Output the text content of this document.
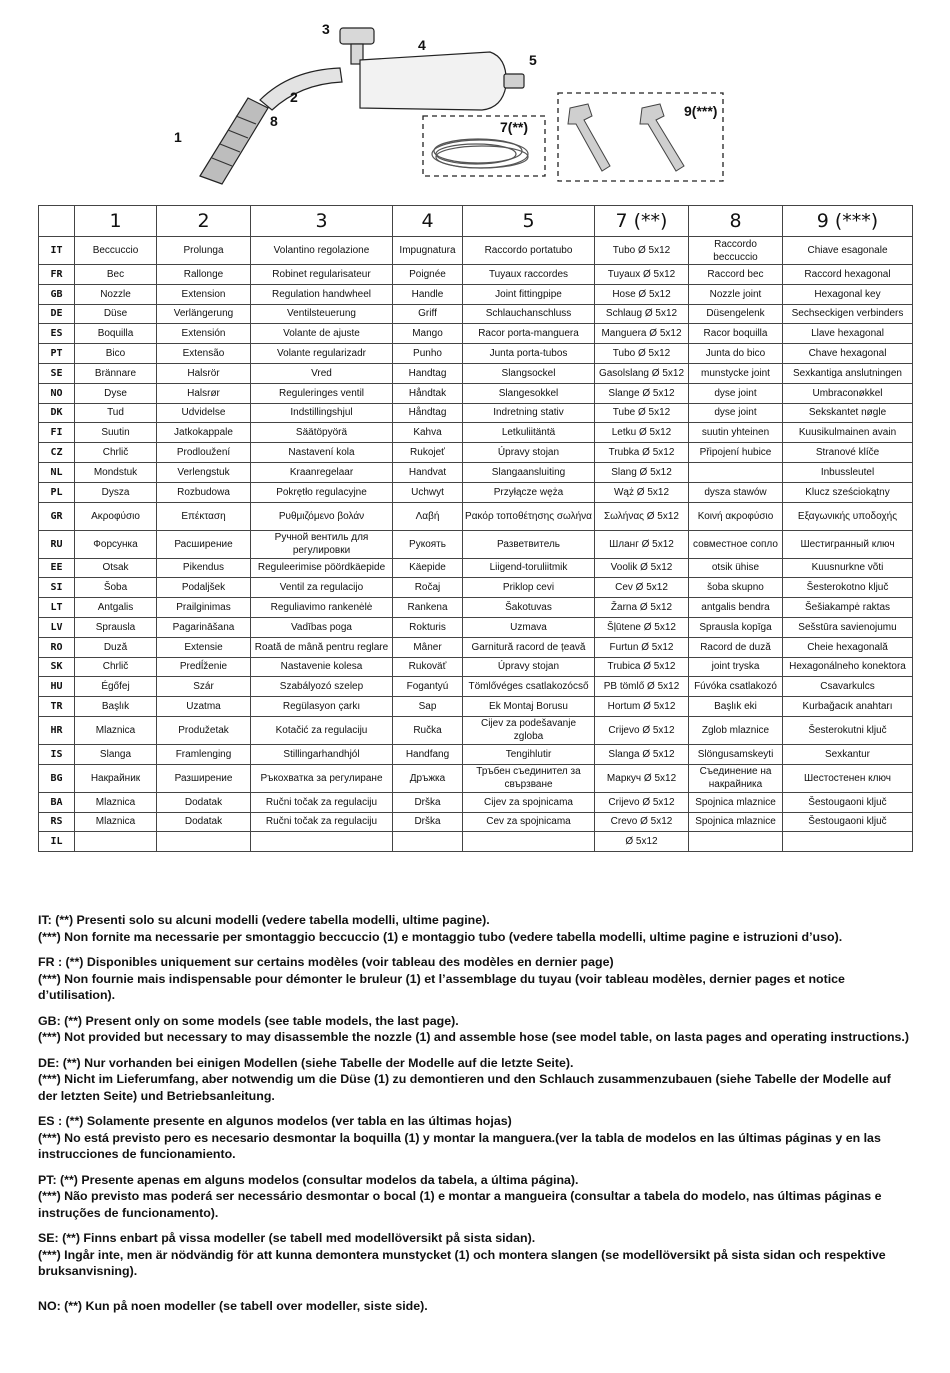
1
2
3
4
5
7(**)
8
9(***)
	1	2	3	4	5	7 (**)	8	9 (***)
IT	Beccuccio	Prolunga	Volantino regolazione	Impugnatura	Raccordo portatubo	Tubo Ø 5x12	Raccordo beccuccio	Chiave esagonale
FR	Bec	Rallonge	Robinet regularisateur	Poignée	Tuyaux raccordes	Tuyaux Ø 5x12	Raccord bec	Raccord hexagonal
GB	Nozzle	Extension	Regulation handwheel	Handle	Joint fittingpipe	Hose Ø 5x12	Nozzle joint	Hexagonal key
DE	Düse	Verlängerung	Ventilsteuerung	Griff	Schlauchanschluss	Schlaug Ø 5x12	Düsengelenk	Sechseckigen verbinders
ES	Boquilla	Extensión	Volante de ajuste	Mango	Racor porta-manguera	Manguera Ø 5x12	Racor boquilla	Llave hexagonal
PT	Bico	Extensão	Volante regularizadr	Punho	Junta porta-tubos	Tubo Ø 5x12	Junta do bico	Chave hexagonal
SE	Brännare	Halsrör	Vred	Handtag	Slangsockel	Gasolslang Ø 5x12	munstycke joint	Sexkantiga anslutningen
NO	Dyse	Halsrør	Reguleringes ventil	Håndtak	Slangesokkel	Slange Ø 5x12	dyse joint	Umbraconøkkel
DK	Tud	Udvidelse	Indstillingshjul	Håndtag	Indretning stativ	Tube Ø 5x12	dyse joint	Sekskantet nøgle
FI	Suutin	Jatkokappale	Säätöpyörä	Kahva	Letkuliitäntä	Letku Ø 5x12	suutin yhteinen	Kuusikulmainen avain
CZ	Chrlič	Prodloužení	Nastavení kola	Rukojeť	Úpravy stojan	Trubka Ø 5x12	Připojení hubice	Stranové klíče
NL	Mondstuk	Verlengstuk	Kraanregelaar	Handvat	Slangaansluiting	Slang Ø 5x12		Inbussleutel
PL	Dysza	Rozbudowa	Pokrętło regulacyjne	Uchwyt	Przyłącze węża	Wąż Ø 5x12	dysza stawów	Klucz sześciokątny
GR	Ακροφύσιο	Επέκταση	Ρυθμιζόμενο βολάν	Λαβή	Ρακόρ τοποθέτησης σωλήνα	Σωλήνας Ø 5x12	Κοινή ακροφύσιο	Εξαγωνικής υποδοχής
RU	Форсунка	Расширение	Ручной вентиль для регулировки	Рукоять	Разветвитель	Шланг Ø 5x12	совместное сопло	Шестигранный ключ
EE	Otsak	Pikendus	Reguleerimise pöördkäepide	Käepide	Liigend-toruliitmik	Voolik Ø 5x12	otsik ühise	Kuusnurkne võti
SI	Šoba	Podaljšek	Ventil za regulacijo	Ročaj	Priklop cevi	Cev Ø 5x12	šoba skupno	Šesterokotno ključ
LT	Antgalis	Prailginimas	Reguliavimo rankenėlė	Rankena	Šakotuvas	Žarna Ø 5x12	antgalis bendra	Šešiakampė raktas
LV	Sprausla	Pagarināšana	Vadības poga	Rokturis	Uzmava	Šļūtene Ø 5x12	Sprausla kopīga	Sešstūra savienojumu
RO	Duză	Extensie	Roată de mână pentru reglare	Mâner	Garnitură racord de țeavă	Furtun Ø 5x12	Racord de duză	Cheie hexagonală
SK	Chrlič	Predĺženie	Nastavenie kolesa	Rukoväť	Úpravy stojan	Trubica Ø 5x12	joint tryska	Hexagonálneho konektora
HU	Égőfej	Szár	Szabályozó szelep	Fogantyú	Tömlővéges csatlakozócső	PB tömlő Ø 5x12	Fúvóka csatlakozó	Csavarkulcs
TR	Başlık	Uzatma	Regülasyon çarkı	Sap	Ek Montaj Borusu	Hortum Ø 5x12	Başlık eki	Kurbağacık anahtarı
HR	Mlaznica	Produžetak	Kotačić za regulaciju	Ručka	Cijev za podešavanje zgloba	Crijevo Ø 5x12	Zglob mlaznice	Šesterokutni ključ
IS	Slanga	Framlenging	Stillingarhandhjól	Handfang	Tengihlutir	Slanga Ø 5x12	Slöngusamskeyti	Sexkantur
BG	Накрайник	Разширение	Ръкохватка за регулиране	Дръжка	Тръбен съединител за свързване	Маркуч Ø 5x12	Съединение на накрайника	Шестостенен ключ
BA	Mlaznica	Dodatak	Ručni točak za regulaciju	Drška	Cijev za spojnicama	Crijevo Ø 5x12	Spojnica mlaznice	Šestougaoni ključ
RS	Mlaznica	Dodatak	Ručni točak za regulaciju	Drška	Cev za spojnicama	Crevo Ø 5x12	Spojnica mlaznice	Šestougaoni ključ
IL						Ø 5x12		

IT: (**) Presenti solo su alcuni modelli (vedere tabella modelli, ultime pagine).

(***) Non fornite ma necessarie per smontaggio beccuccio (1) e montaggio tubo (vedere tabella modelli, ultime pagine e istruzioni d’uso).

FR : (**) Disponibles uniquement sur certains modèles (voir tableau des modèles en dernier page)

(***) Non fournie mais indispensable pour démonter le bruleur (1) et l’assemblage du tuyau (voir tableau modèles, dernier pages et notice d’utilisation).

GB: (**) Present only on some models (see table models, the last page).

(***) Not provided but necessary to may disassemble the nozzle (1) and assemble hose (see model table, on lasta pages and operating instructions.)

DE: (**) Nur vorhanden bei einigen Modellen (siehe Tabelle der Modelle auf die letzte Seite).

(***) Nicht im Lieferumfang, aber notwendig um die Düse (1) zu demontieren und den Schlauch zusammenzubauen (siehe Tabelle der Modelle auf der letzten Seite) und Betriebsanleitung.

ES : (**) Solamente presente en algunos modelos (ver tabla en las últimas hojas)

(***) No está previsto pero es necesario desmontar la boquilla (1) y montar la manguera.(ver la tabla de modelos en las últimas páginas y en las instrucciones de funcionamiento.

PT: (**) Presente apenas em alguns modelos (consultar modelos da tabela, a última página).

(***) Não previsto mas poderá ser necessário desmontar o bocal (1) e montar a mangueira (consultar a tabela do modelo, nas últimas páginas e instruções de funcionamento).

SE: (**) Finns enbart på vissa modeller (se tabell med modellöversikt på sista sidan).

(***) Ingår inte, men är nödvändig för att kunna demontera munstycket (1) och montera slangen (se modellöversikt på sista sidan och respektive bruksanvisning).

NO: (**) Kun på noen modeller (se tabell over modeller, siste side).
